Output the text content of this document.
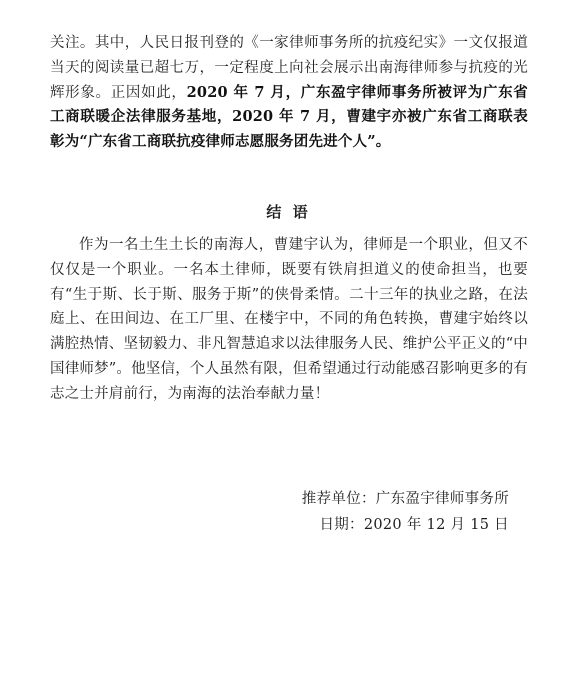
关注。其中，人民日报刊登的《一家律师事务所的抗疫纪实》一文仅报道当天的阅读量已超七万，一定程度上向社会展示出南海律师参与抗疫的光辉形象。正因如此，2020 年 7 月，广东盈宇律师事务所被评为广东省工商联暖企法律服务基地，2020 年 7 月，曹建宇亦被广东省工商联表彰为“广东省工商联抗疫律师志愿服务团先进个人”。

结 语

作为一名土生土长的南海人，曹建宇认为，律师是一个职业，但又不仅仅是一个职业。一名本土律师，既要有铁肩担道义的使命担当，也要有“生于斯、长于斯、服务于斯”的侠骨柔情。二十三年的执业之路，在法庭上、在田间边、在工厂里、在楼宇中，不同的角色转换，曹建宇始终以满腔热情、坚韧毅力、非凡智慧追求以法律服务人民、维护公平正义的“中国律师梦”。他坚信，个人虽然有限，但希望通过行动能感召影响更多的有志之士并肩前行，为南海的法治奉献力量！

推荐单位：广东盈宇律师事务所

日期：2020 年 12 月 15 日
